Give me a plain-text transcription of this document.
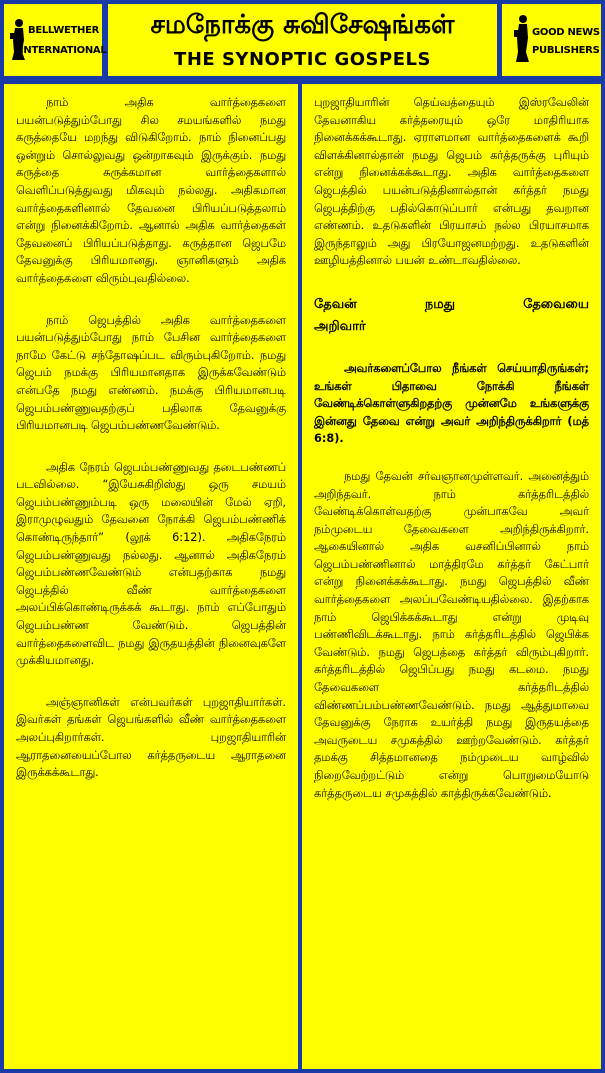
BELLWETHER
INTERNATIONAL
சமநோக்கு சுவிசேஷங்கள்
THE SYNOPTIC GOSPELS
GOOD NEWS
PUBLISHERS

நாம் அதிக வார்த்தைகளை பயன்படுத்தும்போது சில சமயங்களில் நமது கருத்தையே மறந்து விடுகிறோம். நாம் நினைப்பது ஒன்றும் சொல்லுவது ஒன்றாகவும் இருக்கும். நமது கருத்தை சுருக்கமான வார்த்தைகளால் வெளிப்படுத்துவது மிகவும் நல்லது. அதிகமான வார்த்தைகளினால் தேவனை பிரியப்படுத்தலாம் என்று நினைக்கிறோம். ஆனால் அதிக வார்த்தைகள் தேவனைப் பிரியப்படுத்தாது. கருத்தான ஜெபமே தேவனுக்கு பிரியமானது. ஞானிகளும் அதிக வார்த்தைகளை விரும்புவதில்லை.

நாம் ஜெபத்தில் அதிக வார்த்தைகளை பயன்படுத்தும்போது நாம் பேசின வார்த்தைகளை நாமே கேட்டு சந்தோஷப்பட விரும்புகிறோம். நமது ஜெபம் நமக்கு பிரியமானதாக இருக்கவேண்டும் என்பதே நமது எண்ணம். நமக்கு பிரியமானபடி ஜெபம்பண்ணுவதற்குப் பதிலாக தேவனுக்கு பிரியமானபடி ஜெபம்பண்ணவேண்டும்.

அதிக நேரம் ஜெபம்பண்ணுவது தடைபண்ணப் படவில்லை. “இயேசுகிறிஸ்து ஒரு சமயம் ஜெபம்பண்ணும்படி ஒரு மலையின் மேல் ஏறி, இராமுழுவதும் தேவனை நோக்கி ஜெபம்பண்ணிக் கொண்டிருந்தார்” (லூக் 6:12). அதிகநேரம் ஜெபம்பண்ணுவது நல்லது. ஆனால் அதிகநேரம் ஜெபம்பண்ணவேண்டும் என்பதற்காக நமது ஜெபத்தில் வீண் வார்த்தைகளை அலப்பிக்கொண்டிருக்கக் கூடாது. நாம் எப்போதும் ஜெபம்பண்ண வேண்டும். ஜெபத்தின் வார்த்தைகளைவிட நமது இருதயத்தின் நினைவுகளே முக்கியமானது.

அஞ்ஞானிகள் என்பவர்கள் புறஜாதியார்கள். இவர்கள் தங்கள் ஜெபங்களில் வீண் வார்த்தைகளை அலப்புகிறார்கள். புறஜாதியாரின் ஆராதனையைப்போல கர்த்தருடைய ஆராதனை இருக்கக்கூடாது.

புறஜாதியாரின் தெய்வத்தையும் இஸ்ரவேலின் தேவனாகிய கர்த்தரையும் ஒரே மாதிரியாக நினைக்கக்கூடாது. ஏராளமான வார்த்தைகளைக் கூறி விளக்கினால்தான் நமது ஜெபம் கர்த்தருக்கு புரியும் என்று நினைக்கக்கூடாது. அதிக வார்த்தைகளை ஜெபத்தில் பயன்படுத்தினால்தான் கர்த்தர் நமது ஜெபத்திற்கு பதில்கொடுப்பார் என்பது தவறான எண்ணம். உதடுகளின் பிரயாசம் நல்ல பிரயாசமாக இருந்தாலும் அது பிரயோஜனமற்றது. உதடுகளின் ஊழியத்தினால் பயன் உண்டாவதில்லை.

தேவன் நமது தேவையை அறிவார்

அவர்களைப்போல நீங்கள் செய்யாதிருங்கள்; உங்கள் பிதாவை நோக்கி நீங்கள் வேண்டிக்கொள்ளுகிறதற்கு முன்னமே உங்களுக்கு இன்னது தேவை என்று அவர் அறிந்திருக்கிறார் (மத் 6:8).

நமது தேவன் சர்வஞானமுள்ளவர். அனைத்தும் அறிந்தவர். நாம் கர்த்தரிடத்தில் வேண்டிக்கொள்வதற்கு முன்பாகவே அவர் நம்முடைய தேவைகளை அறிந்திருக்கிறார். ஆகையினால் அதிக வசனிப்பினால் நாம் ஜெபம்பண்ணினால் மாத்திரமே கர்த்தர் கேட்பார் என்று நினைக்கக்கூடாது. நமது ஜெபத்தில் வீண் வார்த்தைகளை அலப்பவேண்டியதில்லை. இதற்காக நாம் ஜெபிக்கக்கூடாது என்று முடிவு பண்ணிவிடக்கூடாது. நாம் கர்த்தரிடத்தில் ஜெபிக்க வேண்டும். நமது ஜெபத்தை கர்த்தர் விரும்புகிறார். கர்த்தரிடத்தில் ஜெபிப்பது நமது கடமை. நமது தேவைகளை கர்த்தரிடத்தில் விண்ணப்பம்பண்ணவேண்டும். நமது ஆத்துமாவை தேவனுக்கு நேராக உயர்த்தி நமது இருதயத்தை அவருடைய சமுகத்தில் ஊற்றவேண்டும். கர்த்தர் தமக்கு சித்தமானதை நம்முடைய வாழ்வில் நிறைவேற்றட்டும் என்று பொறுமையோடு கர்த்தருடைய சமுகத்தில் காத்திருக்கவேண்டும்.
